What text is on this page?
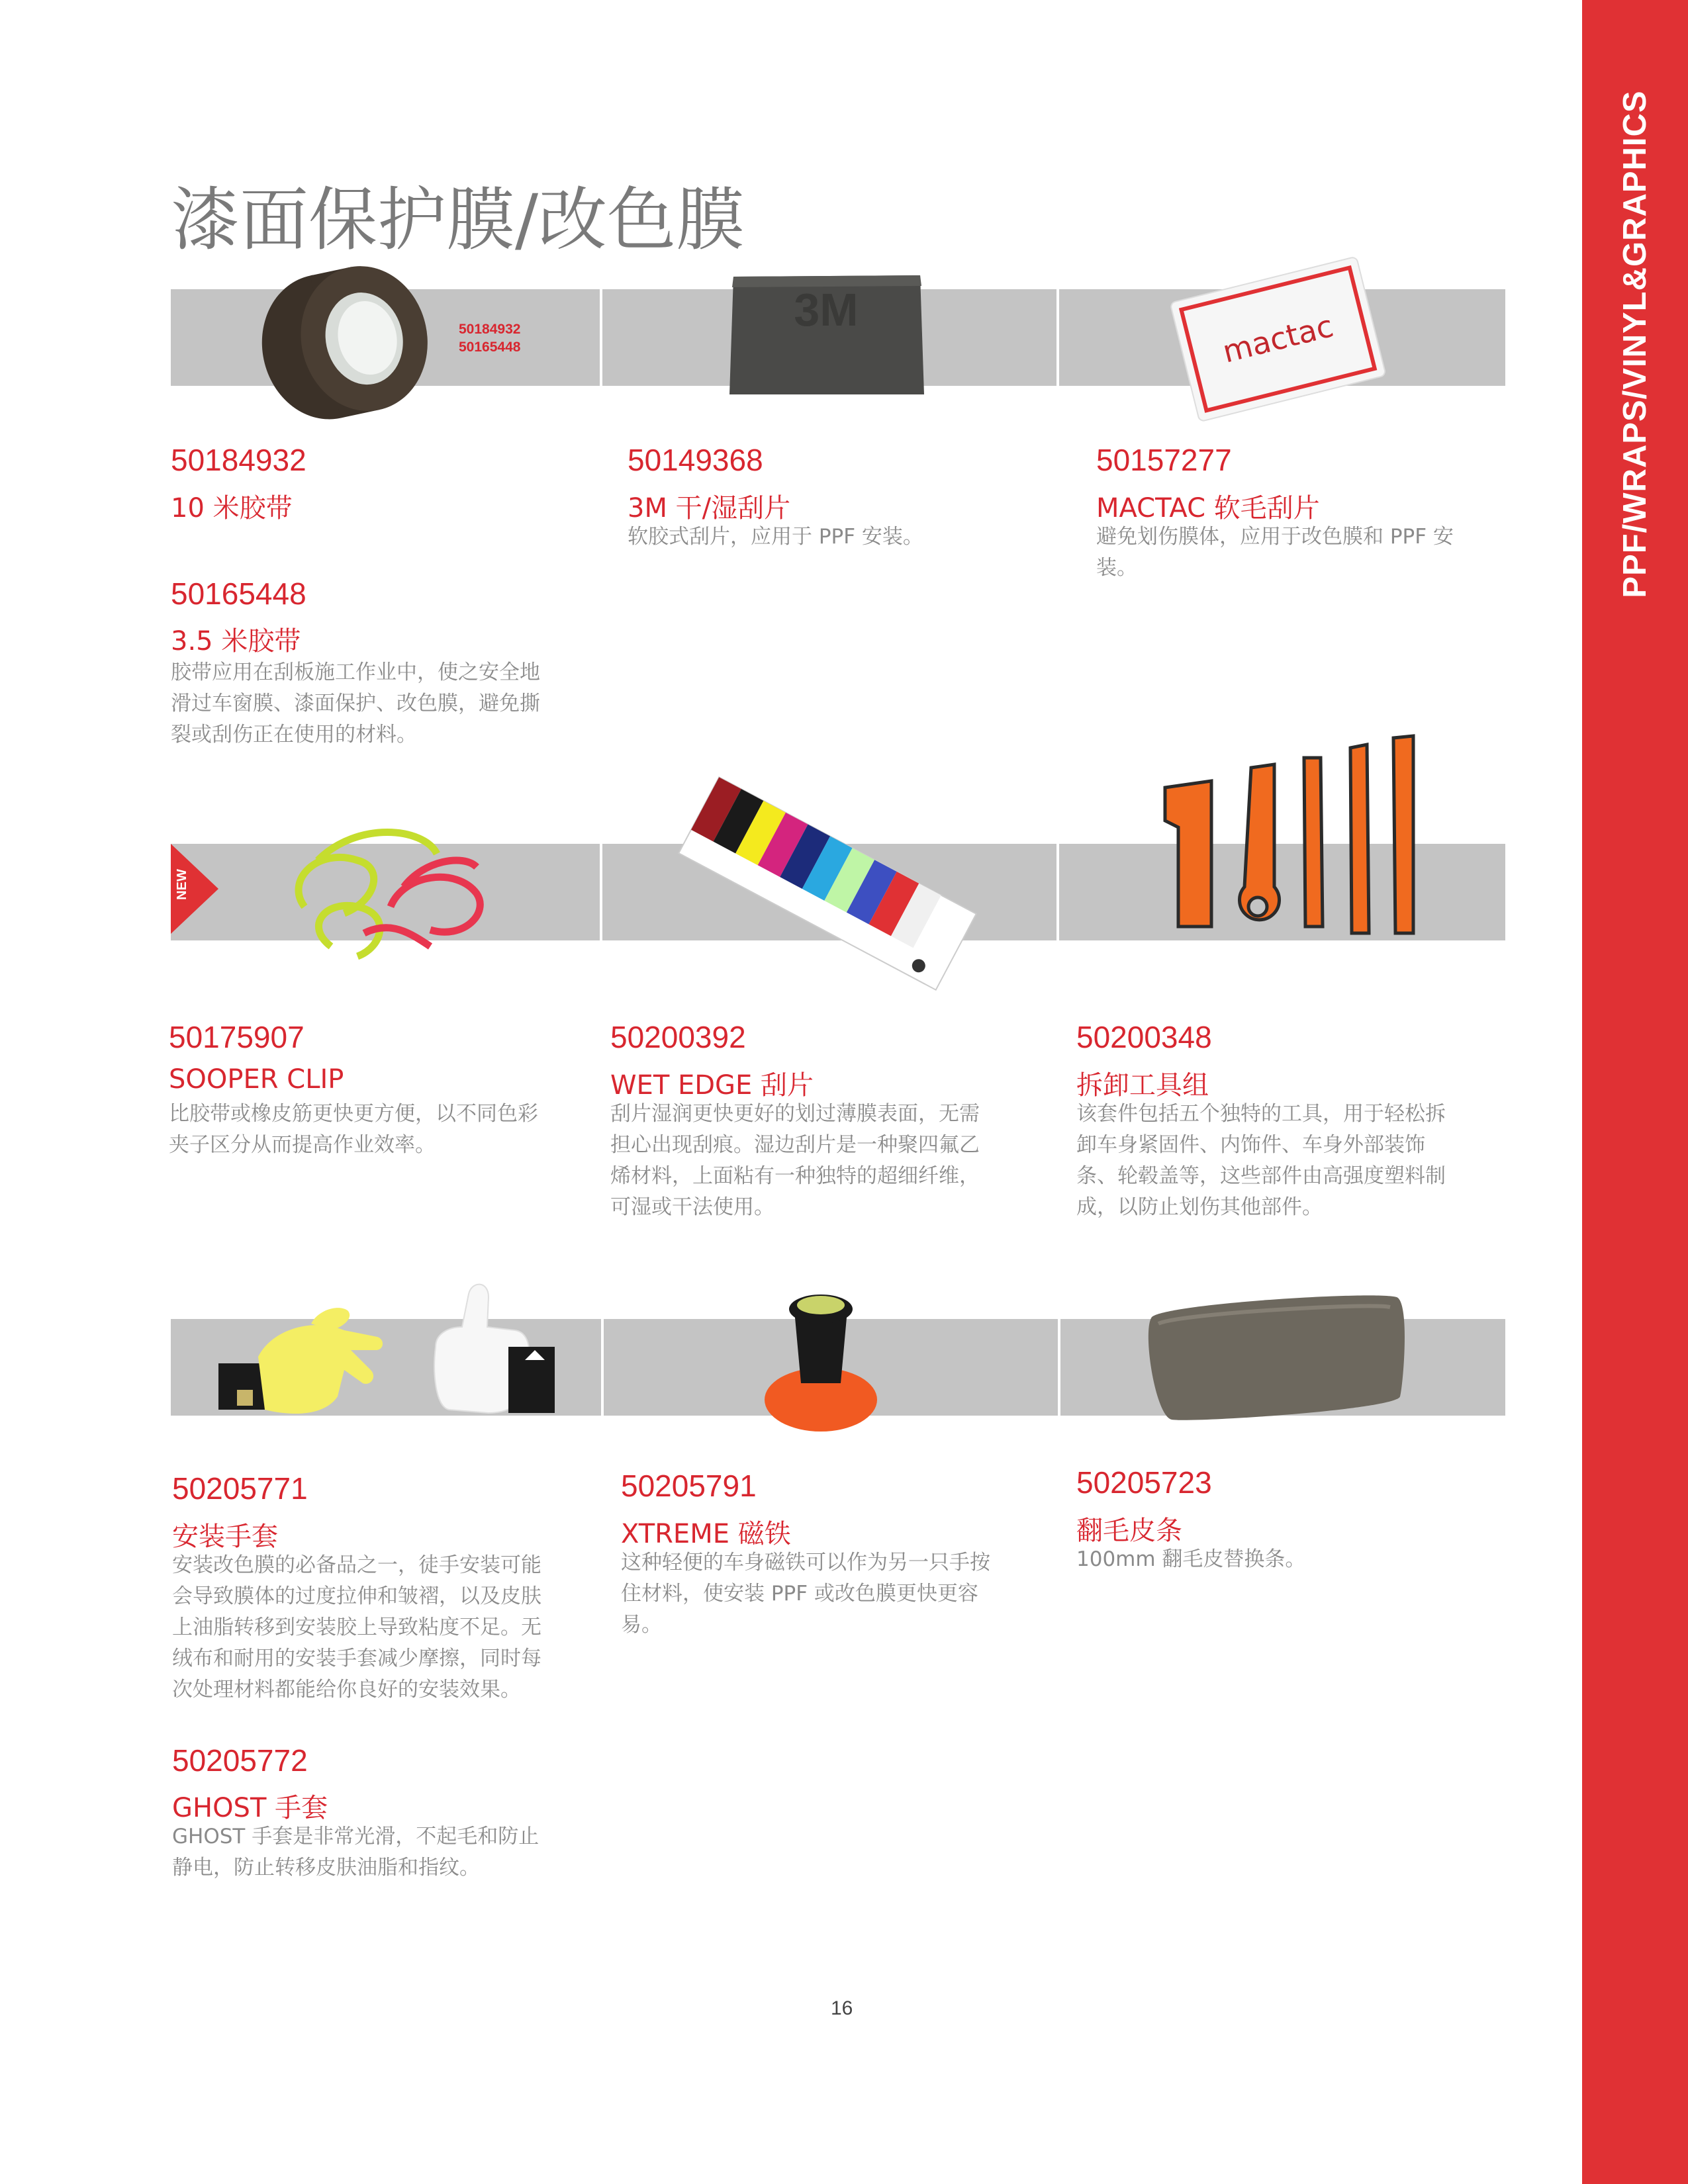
PPF/WRAPS/VINYL&GRAPHICS
漆面保护膜/改色膜
50184932
50165448
3M	mactac
50184932
10 米胶带
50165448
3.5 米胶带
胶带应用在刮板施工作业中，使之安全地
滑过车窗膜、漆面保护、改色膜，避免撕
裂或刮伤正在使用的材料。
50149368
3M 干/湿刮片
软胶式刮片，应用于 PPF 安装。
50157277
MACTAC 软毛刮片
避免划伤膜体，应用于改色膜和 PPF 安
装。
NEW
50175907
SOOPER CLIP
比胶带或橡皮筋更快更方便，以不同色彩
夹子区分从而提高作业效率。
50200392
WET EDGE 刮片
刮片湿润更快更好的划过薄膜表面，无需
担心出现刮痕。湿边刮片是一种聚四氟乙
烯材料，上面粘有一种独特的超细纤维，
可湿或干法使用。
50200348
拆卸工具组
该套件包括五个独特的工具，用于轻松拆
卸车身紧固件、内饰件、车身外部装饰
条、轮毂盖等，这些部件由高强度塑料制
成，以防止划伤其他部件。
50205771
安装手套
安装改色膜的必备品之一，徒手安装可能
会导致膜体的过度拉伸和皱褶，以及皮肤
上油脂转移到安装胶上导致粘度不足。无
绒布和耐用的安装手套减少摩擦，同时每
次处理材料都能给你良好的安装效果。
50205772
GHOST 手套
GHOST 手套是非常光滑，不起毛和防止
静电，防止转移皮肤油脂和指纹。
50205791
XTREME 磁铁
这种轻便的车身磁铁可以作为另一只手按
住材料，使安装 PPF 或改色膜更快更容
易。
50205723
翻毛皮条
100mm 翻毛皮替换条。
16
